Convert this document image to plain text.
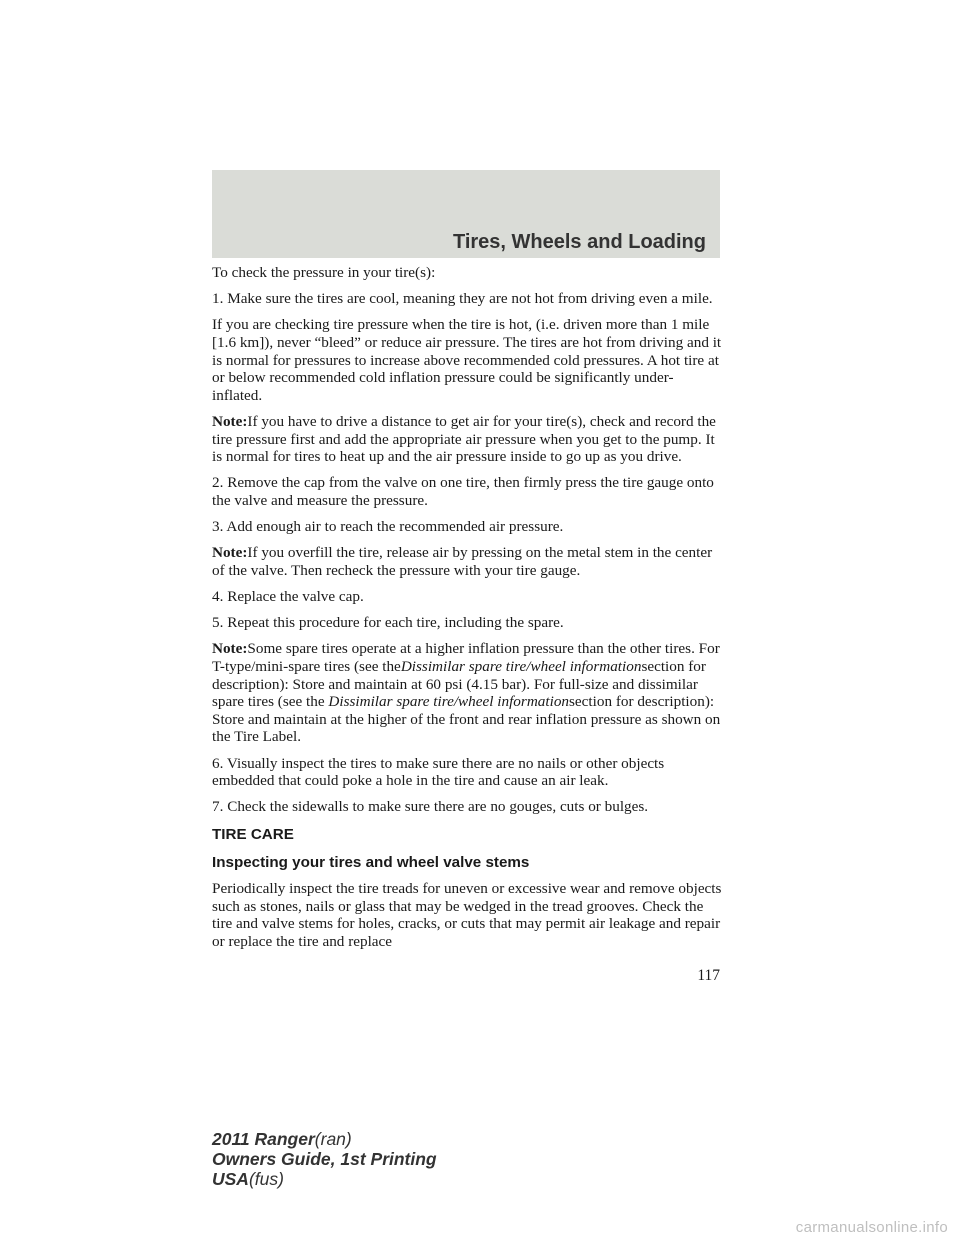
Tires, Wheels and Loading

To check the pressure in your tire(s):

1. Make sure the tires are cool, meaning they are not hot from driving even a mile.

If you are checking tire pressure when the tire is hot, (i.e. driven more than 1 mile [1.6 km]), never “bleed” or reduce air pressure. The tires are hot from driving and it is normal for pressures to increase above recommended cold pressures. A hot tire at or below recommended cold inflation pressure could be significantly under-inflated.

Note:If you have to drive a distance to get air for your tire(s), check and record the tire pressure first and add the appropriate air pressure when you get to the pump. It is normal for tires to heat up and the air pressure inside to go up as you drive.

2. Remove the cap from the valve on one tire, then firmly press the tire gauge onto the valve and measure the pressure.

3. Add enough air to reach the recommended air pressure.

Note:If you overfill the tire, release air by pressing on the metal stem in the center of the valve. Then recheck the pressure with your tire gauge.

4. Replace the valve cap.

5. Repeat this procedure for each tire, including the spare.

Note:Some spare tires operate at a higher inflation pressure than the other tires. For T-type/mini-spare tires (see theDissimilar spare tire/wheel informationsection for description): Store and maintain at 60 psi (4.15 bar). For full-size and dissimilar spare tires (see the Dissimilar spare tire/wheel informationsection for description): Store and maintain at the higher of the front and rear inflation pressure as shown on the Tire Label.

6. Visually inspect the tires to make sure there are no nails or other objects embedded that could poke a hole in the tire and cause an air leak.

7. Check the sidewalls to make sure there are no gouges, cuts or bulges.

TIRE CARE
Inspecting your tires and wheel valve stems

Periodically inspect the tire treads for uneven or excessive wear and remove objects such as stones, nails or glass that may be wedged in the tread grooves. Check the tire and valve stems for holes, cracks, or cuts that may permit air leakage and repair or replace the tire and replace

117
2011 Ranger(ran)
Owners Guide, 1st Printing
USA(fus)
carmanualsonline.info
